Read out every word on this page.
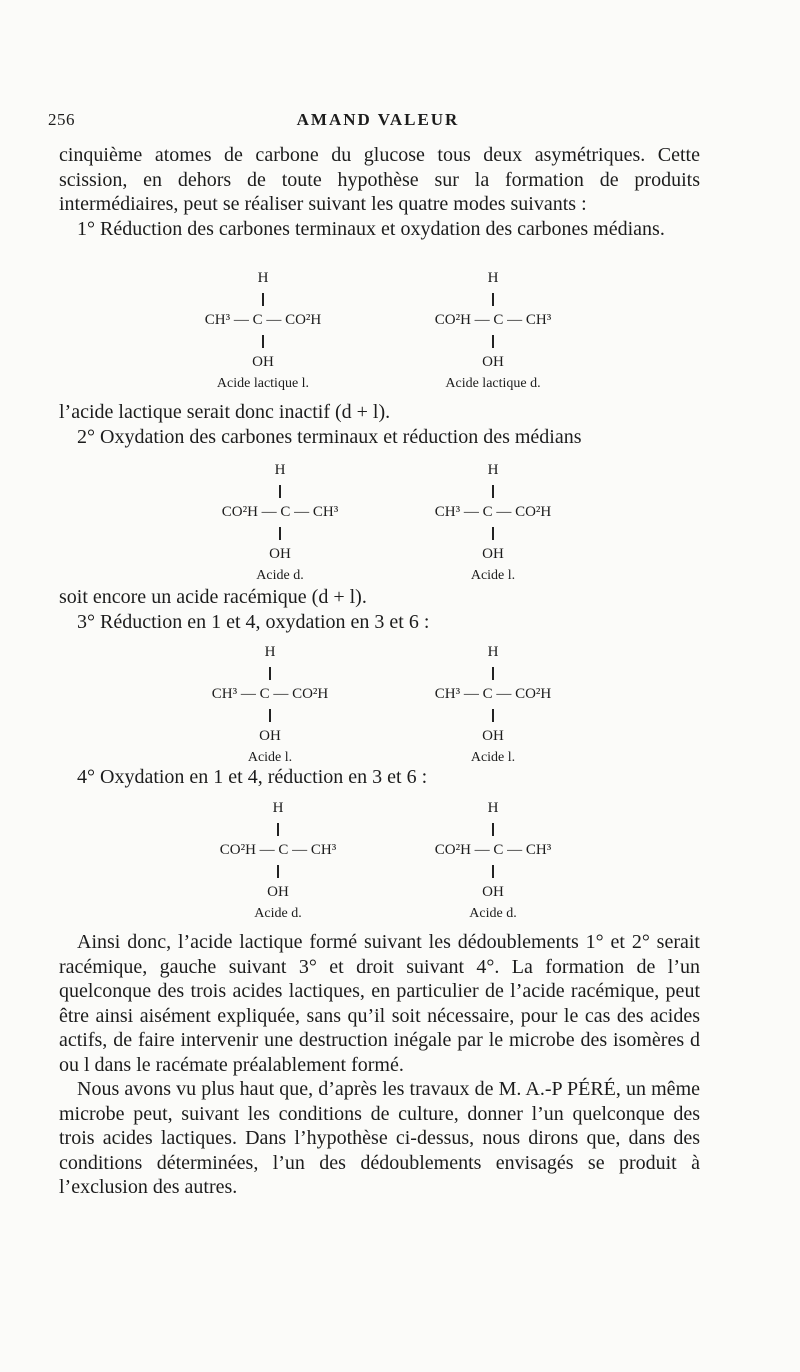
256	AMAND VALEUR

cinquième atomes de carbone du glucose tous deux asymétriques. Cette scission, en dehors de toute hypothèse sur la formation de produits intermédiaires, peut se réaliser suivant les quatre modes suivants :

1° Réduction des carbones terminaux et oxydation des carbones médians.

H
CH³ — C — CO²H
OH
Acide lactique l.
H
CO²H — C — CH³
OH
Acide lactique d.

l’acide lactique serait donc inactif (d + l).

2° Oxydation des carbones terminaux et réduction des médians

H
CO²H — C — CH³
OH
Acide d.
H
CH³ — C — CO²H
OH
Acide l.

soit encore un acide racémique (d + l).

3° Réduction en 1 et 4, oxydation en 3 et 6 :

H
CH³ — C — CO²H
OH
Acide l.
H
CH³ — C — CO²H
OH
Acide l.

4° Oxydation en 1 et 4, réduction en 3 et 6 :

H
CO²H — C — CH³
OH
Acide d.
H
CO²H — C — CH³
OH
Acide d.

Ainsi donc, l’acide lactique formé suivant les dédoublements 1° et 2° serait racémique, gauche suivant 3° et droit suivant 4°. La formation de l’un quelconque des trois acides lactiques, en particulier de l’acide racémique, peut être ainsi aisément expliquée, sans qu’il soit nécessaire, pour le cas des acides actifs, de faire intervenir une destruction inégale par le microbe des isomères d ou l dans le racémate préalablement formé.

Nous avons vu plus haut que, d’après les travaux de M. A.-P PÉRÉ, un même microbe peut, suivant les conditions de culture, donner l’un quelconque des trois acides lactiques. Dans l’hypothèse ci-dessus, nous dirons que, dans des conditions déterminées, l’un des dédoublements envisagés se produit à l’exclusion des autres.
